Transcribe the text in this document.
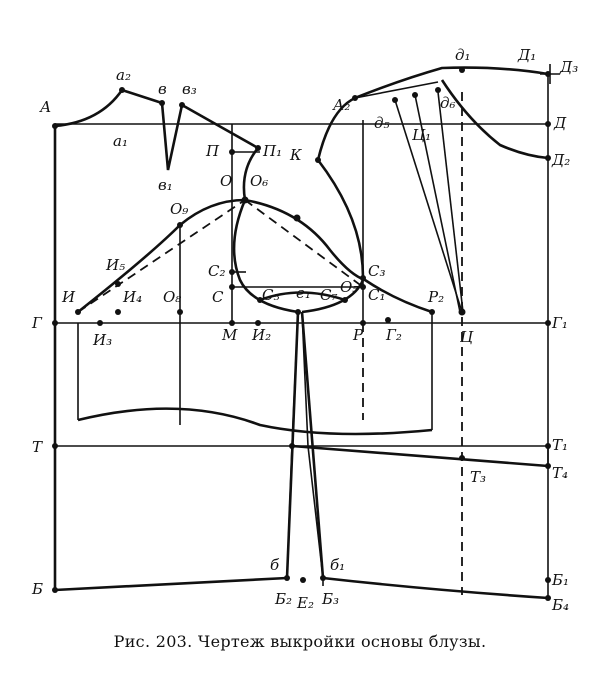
А
а₁
а₂
в
в₁
в₃
П	П₁
О О₆
О₉
И₅
И	И₄ О₈
С₂
С	С₅ е₁ С₇ О₅
С₃
С₁	Р₂
Г
И₃	М И₂	Р Г₂	Ц
Г₁
А₂
К
д₅
д₆
д₁
Ц₁
Д₁
Д₃
Д
Д₂
Т	Т₁
Т₃	Т₄
Б
б	б₁
Б₁
Б₄
Б₂ Е₂ Б₃
Рис. 203. Чертеж выкройки основы блузы.
